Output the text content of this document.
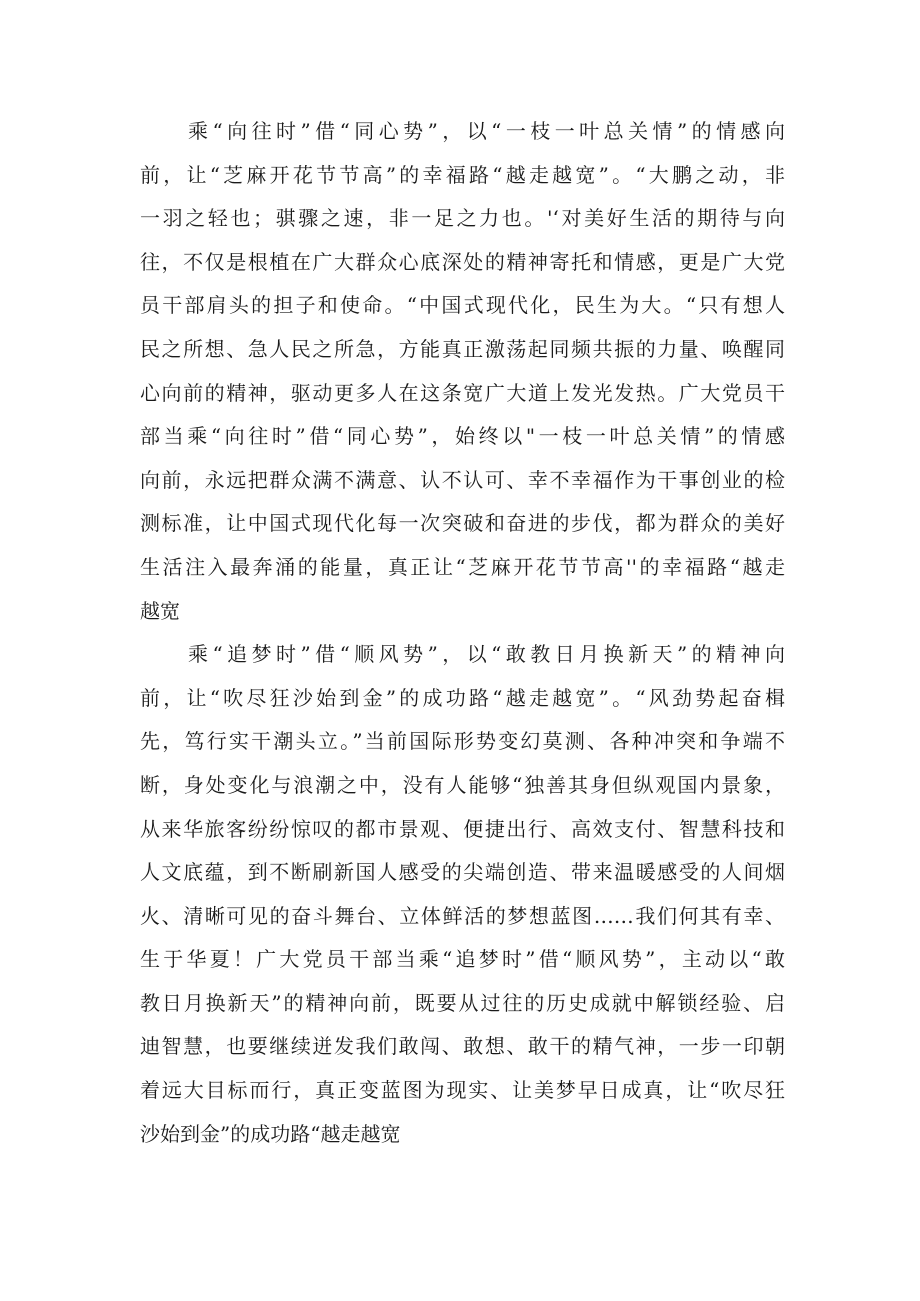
乘“向往时”借“同心势”，以“一枝一叶总关情”的情感向
前，让“芝麻开花节节高”的幸福路“越走越宽”。“大鹏之动，非
一羽之轻也；骐骤之速，非一足之力也。'‘对美好生活的期待与向
往，不仅是根植在广大群众心底深处的精神寄托和情感，更是广大党
员干部肩头的担子和使命。“中国式现代化，民生为大。“只有想人
民之所想、急人民之所急，方能真正激荡起同频共振的力量、唤醒同
心向前的精神，驱动更多人在这条宽广大道上发光发热。广大党员干
部当乘“向往时”借“同心势”，始终以"一枝一叶总关情”的情感
向前，永远把群众满不满意、认不认可、幸不幸福作为干事创业的检
测标准，让中国式现代化每一次突破和奋进的步伐，都为群众的美好
生活注入最奔涌的能量，真正让“芝麻开花节节高''的幸福路“越走
越宽
乘“追梦时”借“顺风势”，以“敢教日月换新天”的精神向
前，让“吹尽狂沙始到金”的成功路“越走越宽”。“风劲势起奋楫
先，笃行实干潮头立。”当前国际形势变幻莫测、各种冲突和争端不
断，身处变化与浪潮之中，没有人能够“独善其身但纵观国内景象，
从来华旅客纷纷惊叹的都市景观、便捷出行、高效支付、智慧科技和
人文底蕴，到不断刷新国人感受的尖端创造、带来温暖感受的人间烟
火、清晰可见的奋斗舞台、立体鲜活的梦想蓝图……我们何其有幸、
生于华夏！广大党员干部当乘“追梦时”借“顺风势”，主动以“敢
教日月换新天”的精神向前，既要从过往的历史成就中解锁经验、启
迪智慧，也要继续迸发我们敢闯、敢想、敢干的精气神，一步一印朝
着远大目标而行，真正变蓝图为现实、让美梦早日成真，让“吹尽狂
沙始到金”的成功路“越走越宽
